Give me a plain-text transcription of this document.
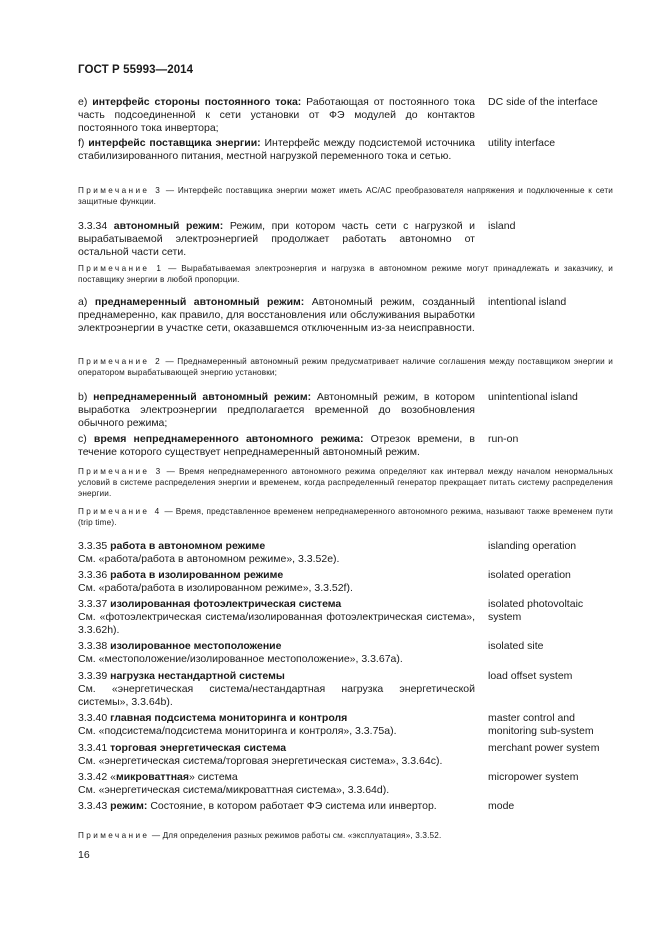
ГОСТ Р 55993—2014
e) интерфейс стороны постоянного тока: Работающая от постоянного тока часть подсоединенной к сети установки от ФЭ модулей до контактов постоянного тока инвертора;
DC side of the interface
f) интерфейс поставщика энергии: Интерфейс между подсистемой источника стабилизированного питания, местной нагрузкой переменного тока и сетью.
utility interface
Примечание 3 — Интерфейс поставщика энергии может иметь AC/AC преобразователя напряжения и подключенные к сети защитные функции.
3.3.34 автономный режим: Режим, при котором часть сети с нагрузкой и вырабатываемой электроэнергией продолжает работать автономно от остальной части сети.
island
Примечание 1 — Вырабатываемая электроэнергия и нагрузка в автономном режиме могут принадлежать и заказчику, и поставщику энергии в любой пропорции.
a) преднамеренный автономный режим: Автономный режим, созданный преднамеренно, как правило, для восстановления или обслуживания выработки электроэнергии в участке сети, оказавшемся отключенным из-за неисправности.
intentional island
Примечание 2 — Преднамеренный автономный режим предусматривает наличие соглашения между поставщиком энергии и оператором вырабатывающей энергию установки;
b) непреднамеренный автономный режим: Автономный режим, в котором выработка электроэнергии предполагается временной до возобновления обычного режима;
unintentional island
c) время непреднамеренного автономного режима: Отрезок времени, в течение которого существует непреднамеренный автономный режим.
run-on
Примечание 3 — Время непреднамеренного автономного режима определяют как интервал между началом ненормальных условий в системе распределения энергии и временем, когда распределенный генератор прекращает питать систему распределения энергии.
Примечание 4 — Время, представленное временем непреднамеренного автономного режима, называют также временем пути (trip time).
3.3.35 работа в автономном режиме
См. «работа/работа в автономном режиме», 3.3.52e).
islanding operation
3.3.36 работа в изолированном режиме
См. «работа/работа в изолированном режиме», 3.3.52f).
isolated operation
3.3.37 изолированная фотоэлектрическая система
См. «фотоэлектрическая система/изолированная фотоэлектрическая система», 3.3.62h).
isolated photovoltaic system
3.3.38 изолированное местоположение
См. «местоположение/изолированное местоположение», 3.3.67a).
isolated site
3.3.39 нагрузка нестандартной системы
См. «энергетическая система/нестандартная нагрузка энергетической системы», 3.3.64b).
load offset system
3.3.40 главная подсистема мониторинга и контроля
См. «подсистема/подсистема мониторинга и контроля», 3.3.75a).
master control and monitoring sub-system
3.3.41 торговая энергетическая система
См. «энергетическая система/торговая энергетическая система», 3.3.64c).
merchant power system
3.3.42 «микроваттная» система
См. «энергетическая система/микроваттная система», 3.3.64d).
micropower system
3.3.43 режим: Состояние, в котором работает ФЭ система или инвертор.	mode
Примечание — Для определения разных режимов работы см. «эксплуатация», 3.3.52.
16
